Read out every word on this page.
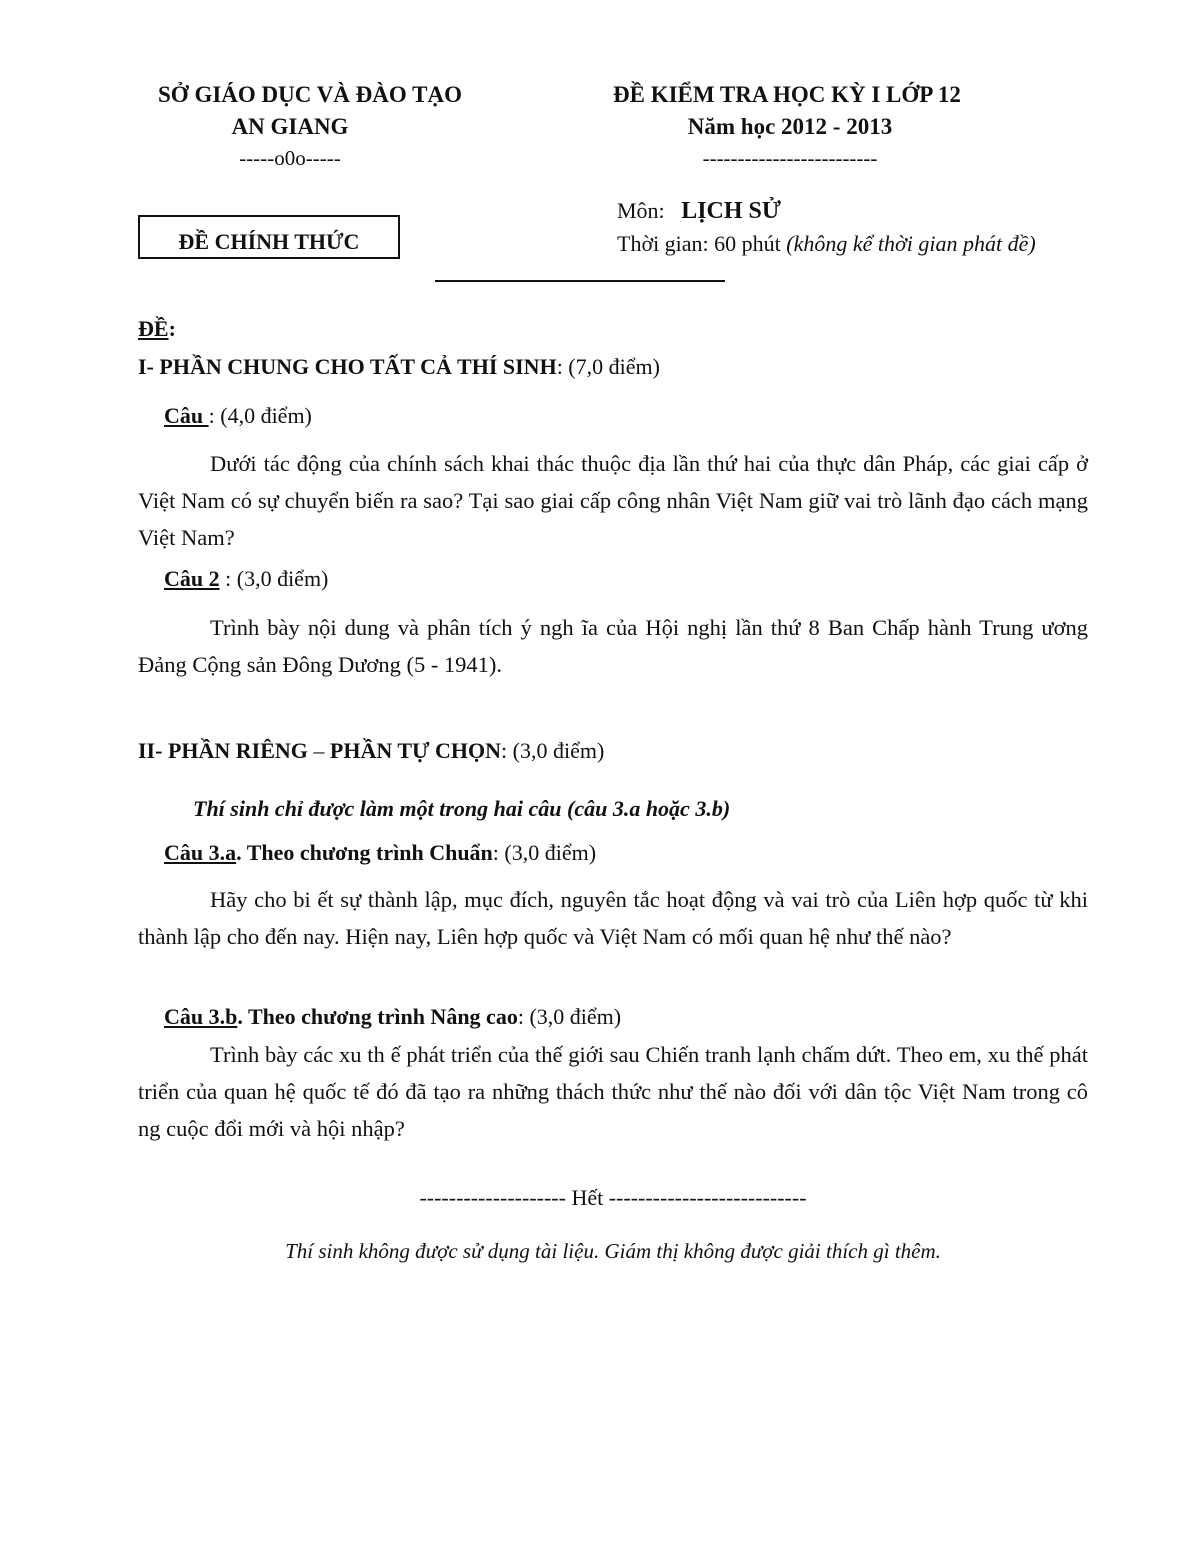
SỞ GIÁO DỤC VÀ ĐÀO TẠO
AN GIANG
-----o0o-----
ĐỀ KIỂM TRA HỌC KỲ I LỚP 12
Năm học 2012 - 2013
-------------------------
ĐỀ CHÍNH THỨC
Môn: LỊCH SỬ
Thời gian: 60 phút (không kể thời gian phát đề)
ĐỀ:
I- PHẦN CHUNG CHO TẤT CẢ THÍ SINH: (7,0 điểm)
Câu : (4,0 điểm)
Dưới tác động của chính sách khai thác thuộc địa lần thứ hai của thực dân Pháp, các giai cấp ở Việt Nam có sự chuyển biến ra sao? Tại sao giai cấp công nhân Việt Nam giữ vai trò lãnh đạo cách mạng Việt Nam?
Câu 2 : (3,0 điểm)
Trình bày nội dung và phân tích ý ngh ĩa của Hội nghị lần thứ 8 Ban Chấp hành Trung ương Đảng Cộng sản Đông Dương (5 - 1941).
II- PHẦN RIÊNG – PHẦN TỰ CHỌN: (3,0 điểm)
Thí sinh chỉ được làm một trong hai câu (câu 3.a hoặc 3.b)
Câu 3.a. Theo chương trình Chuẩn: (3,0 điểm)
Hãy cho bi ết sự thành lập, mục đích, nguyên tắc hoạt động và vai trò của Liên hợp quốc từ khi thành lập cho đến nay. Hiện nay, Liên hợp quốc và Việt Nam có mối quan hệ như thế nào?
Câu 3.b. Theo chương trình Nâng cao: (3,0 điểm)
Trình bày các xu th ế phát triển của thế giới sau Chiến tranh lạnh chấm dứt. Theo em, xu thế phát triển của quan hệ quốc tế đó đã tạo ra những thách thức như thế nào đối với dân tộc Việt Nam trong cô ng cuộc đổi mới và hội nhập?
-------------------- Hết ---------------------------
Thí sinh không được sử dụng tài liệu. Giám thị không được giải thích gì thêm.
